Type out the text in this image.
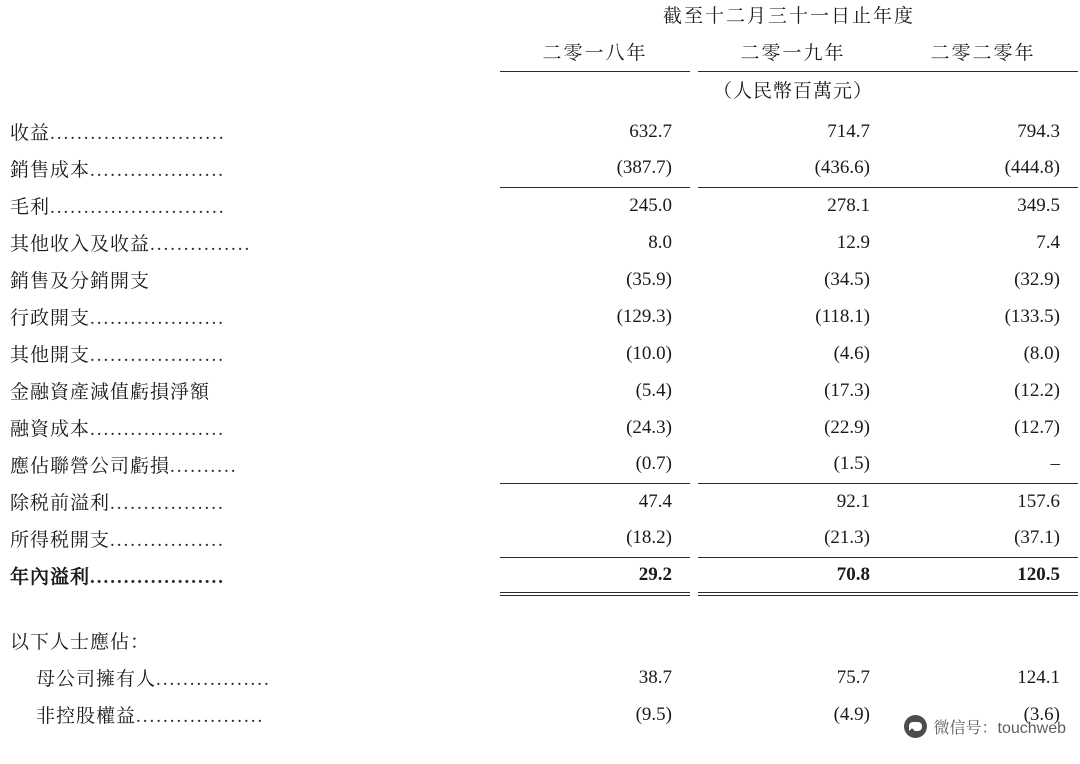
	截至十二月三十一日止年度			
	二零一八年		二零一九年	二零二零年
			（人民幣百萬元）	
收益..........................	632.7		714.7	794.3
銷售成本....................	(387.7)		(436.6)	(444.8)
毛利..........................	245.0		278.1	349.5
其他收入及收益...............	8.0		12.9	7.4
銷售及分銷開支	(35.9)		(34.5)	(32.9)
行政開支....................	(129.3)		(118.1)	(133.5)
其他開支....................	(10.0)		(4.6)	(8.0)
金融資產減值虧損淨額	(5.4)		(17.3)	(12.2)
融資成本....................	(24.3)		(22.9)	(12.7)
應佔聯營公司虧損..........	(0.7)		(1.5)	–
除税前溢利.................	47.4		92.1	157.6
所得税開支.................	(18.2)		(21.3)	(37.1)
年內溢利....................	29.2		70.8	120.5

以下人士應佔：				
母公司擁有人.................	38.7		75.7	124.1
非控股權益...................	(9.5)		(4.9)	(3.6)
微信号：touchweb
